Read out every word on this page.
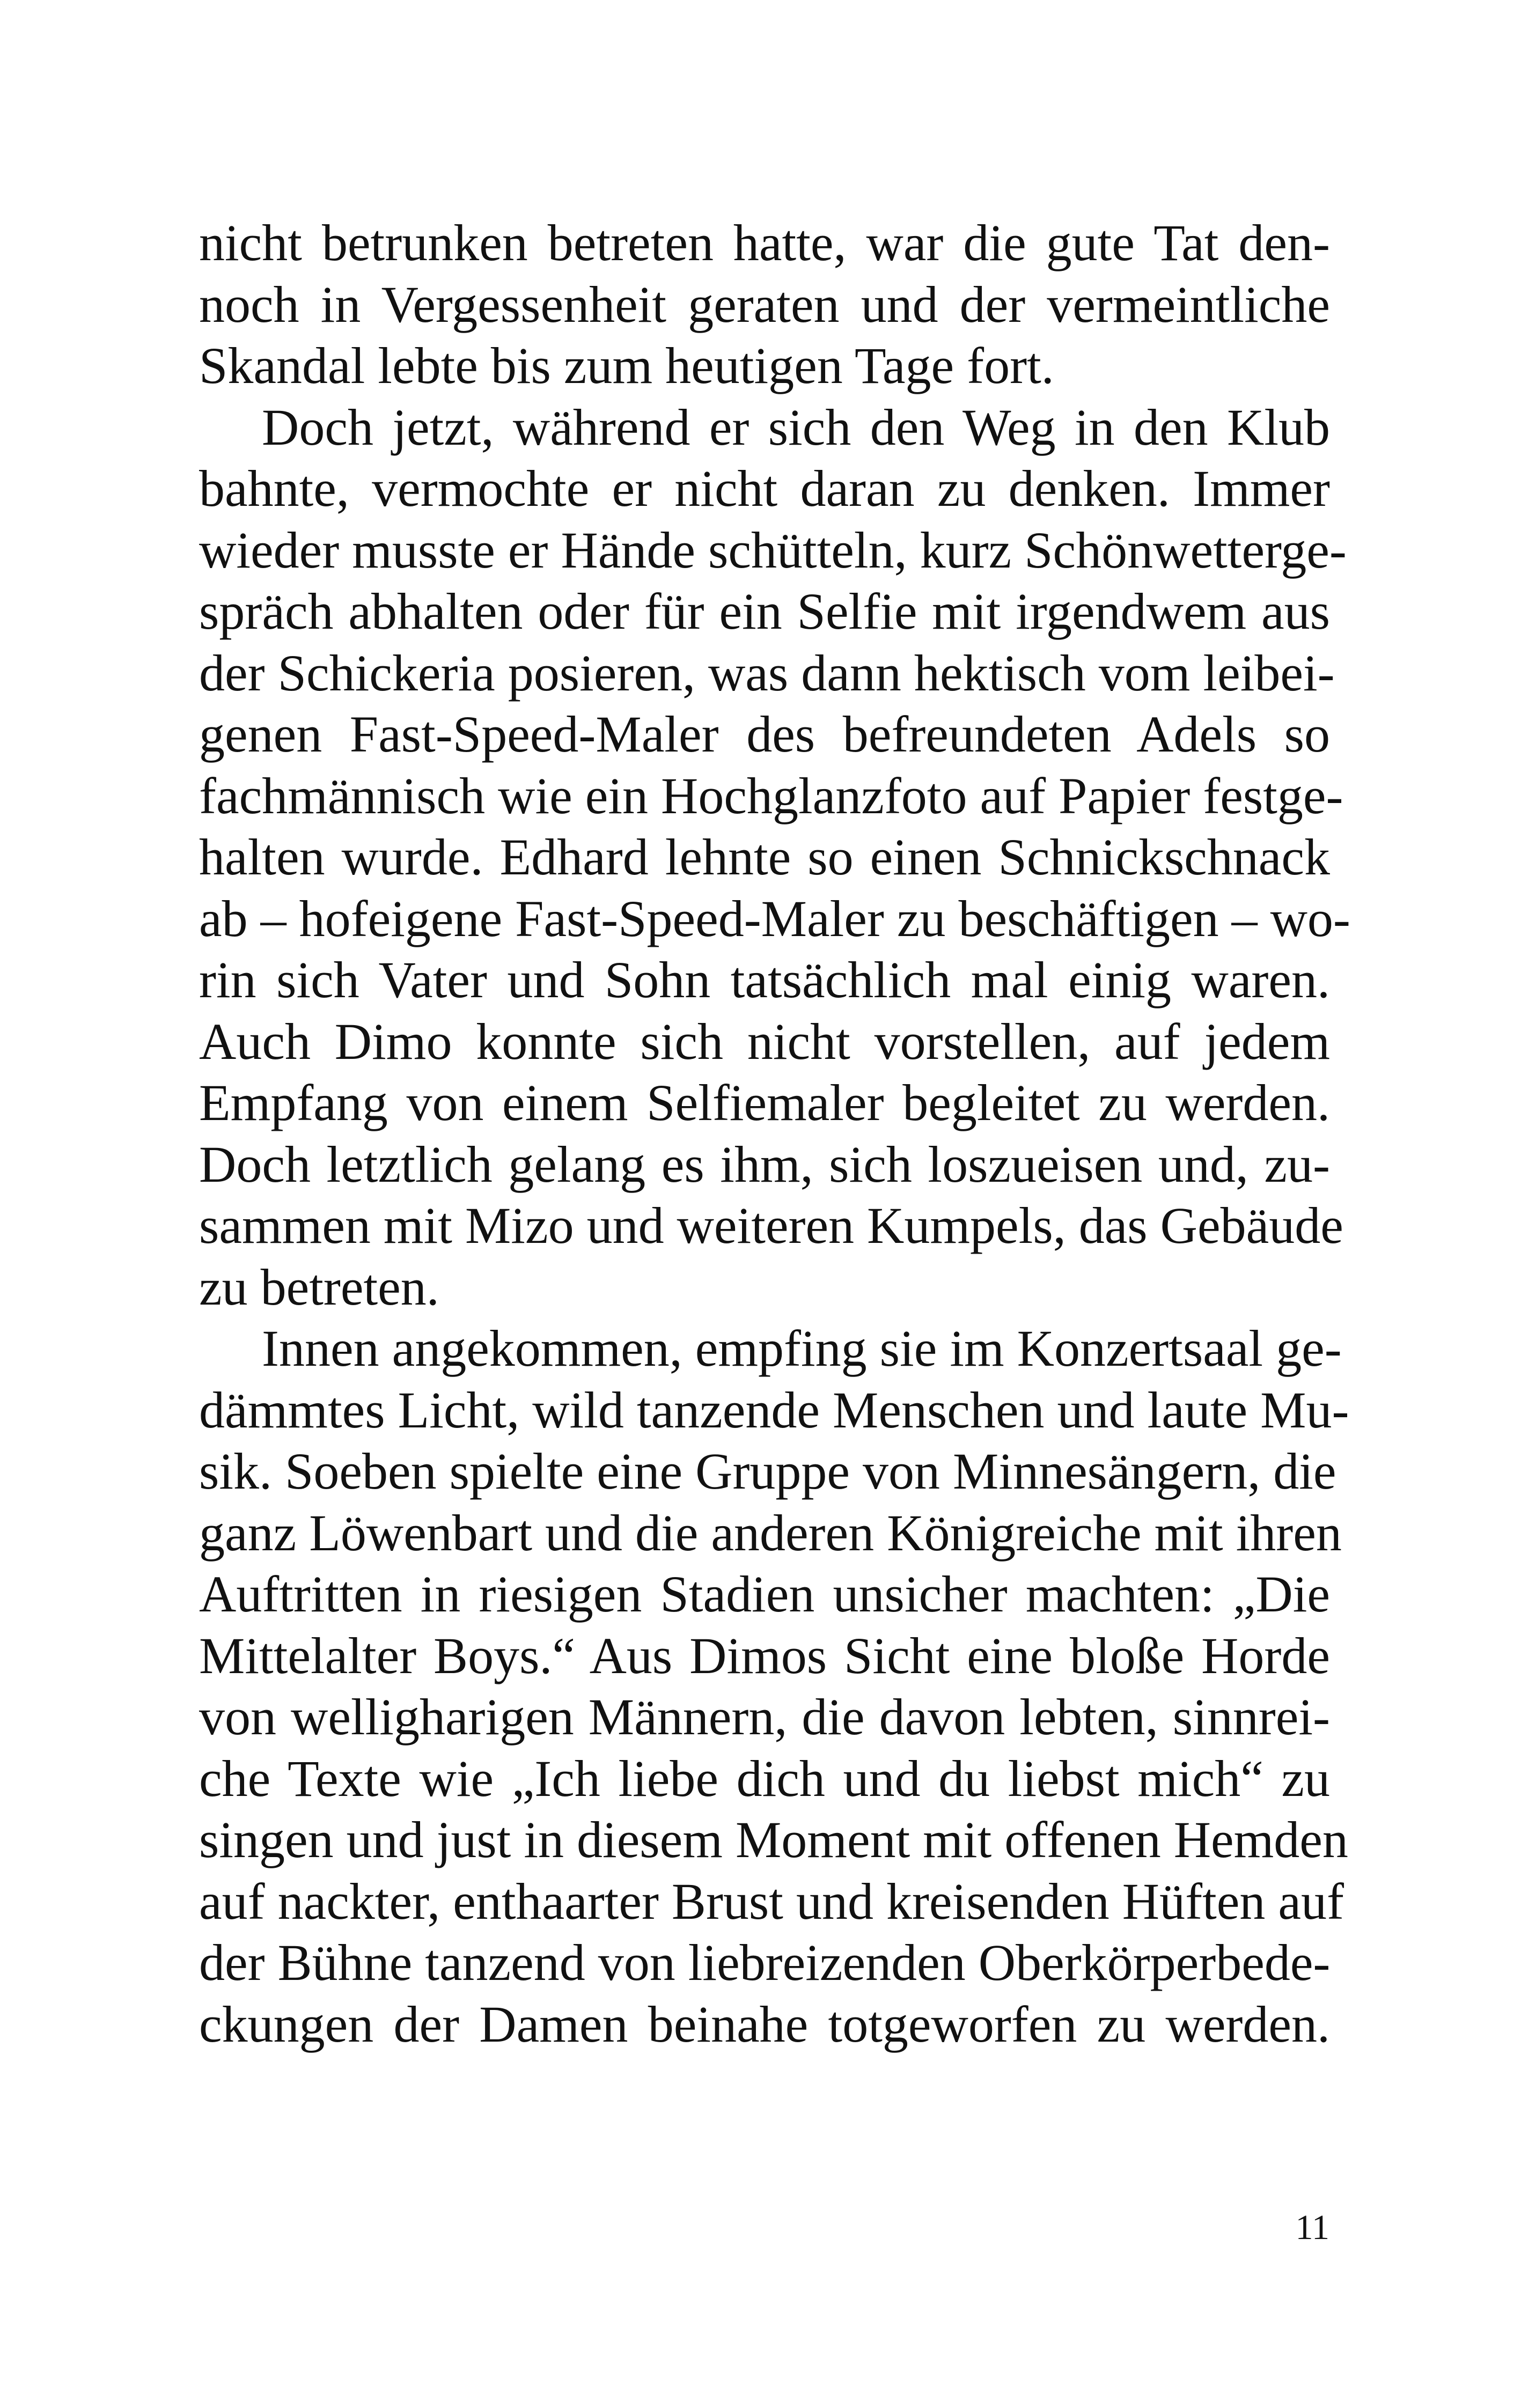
nicht betrunken betreten hatte, war die gute Tat den-
noch in Vergessenheit geraten und der vermeintliche
Skandal lebte bis zum heutigen Tage fort.

Doch jetzt, während er sich den Weg in den Klub
bahnte, vermochte er nicht daran zu denken. Immer
wieder musste er Hände schütteln, kurz Schönwetterge-
spräch abhalten oder für ein Selfie mit irgendwem aus
der Schickeria posieren, was dann hektisch vom leibei-
genen Fast-Speed-Maler des befreundeten Adels so
fachmännisch wie ein Hochglanzfoto auf Papier festge-
halten wurde. Edhard lehnte so einen Schnickschnack
ab – hofeigene Fast-Speed-Maler zu beschäftigen – wo-
rin sich Vater und Sohn tatsächlich mal einig waren.
Auch Dimo konnte sich nicht vorstellen, auf jedem
Empfang von einem Selfiemaler begleitet zu werden.
Doch letztlich gelang es ihm, sich loszueisen und, zu-
sammen mit Mizo und weiteren Kumpels, das Gebäude
zu betreten.

Innen angekommen, empfing sie im Konzertsaal ge-
dämmtes Licht, wild tanzende Menschen und laute Mu-
sik. Soeben spielte eine Gruppe von Minnesängern, die
ganz Löwenbart und die anderen Königreiche mit ihren
Auftritten in riesigen Stadien unsicher machten: „Die
Mittelalter Boys.“ Aus Dimos Sicht eine bloße Horde
von welligharigen Männern, die davon lebten, sinnrei-
che Texte wie „Ich liebe dich und du liebst mich“ zu
singen und just in diesem Moment mit offenen Hemden
auf nackter, enthaarter Brust und kreisenden Hüften auf
der Bühne tanzend von liebreizenden Oberkörperbede-
ckungen der Damen beinahe totgeworfen zu werden.

11
